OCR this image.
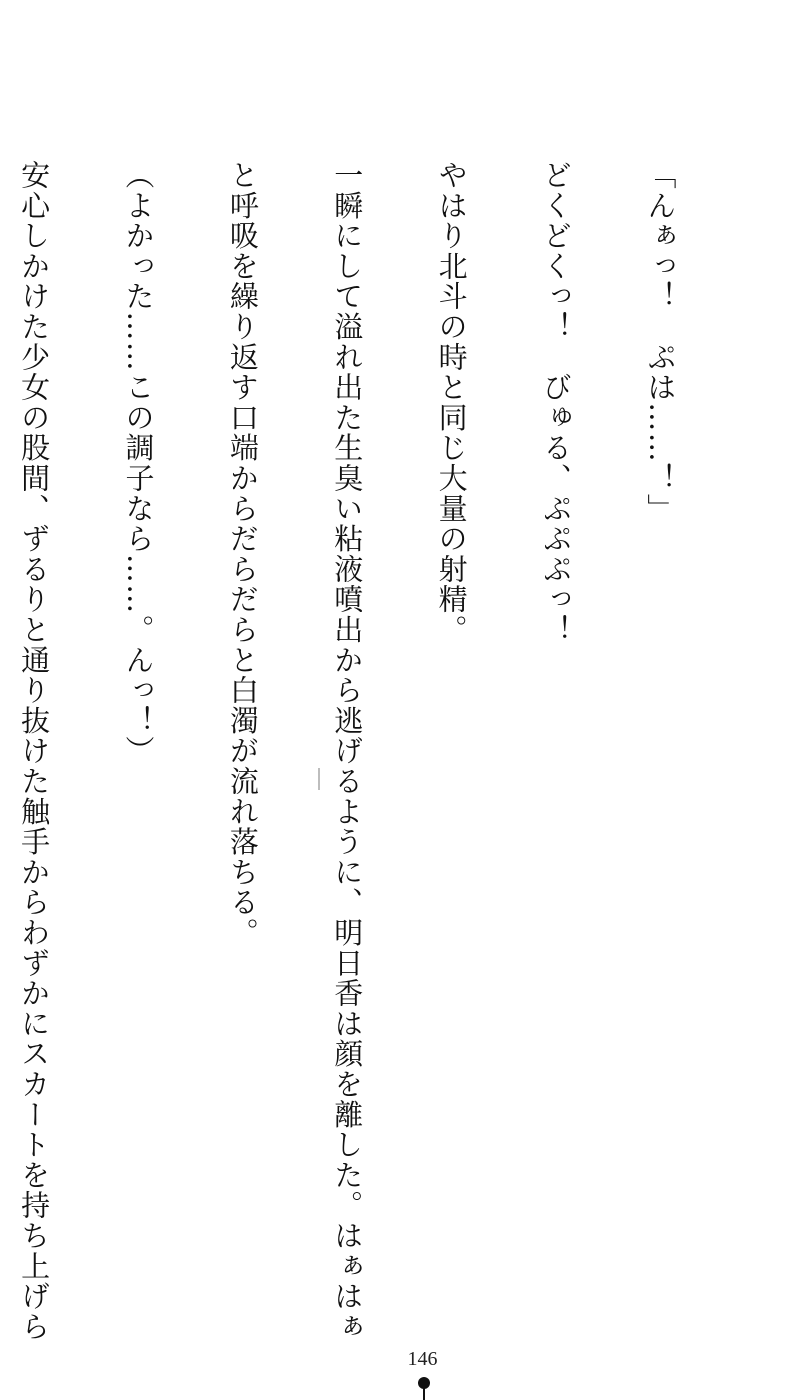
「んぁっ！　ぷは……！」

どくどくっ！　びゅる、ぷぷぷっ！

やはり北斗の時と同じ大量の射精。

一瞬にして溢れ出た生臭い粘液噴出から逃げるように、明日香は顔を離した。はぁはぁ

と呼吸を繰り返す口端からだらだらと白濁が流れ落ちる。

（よかった……この調子なら……。んっ！）

安心しかけた少女の股間、ずるりと通り抜けた触手からわずかにスカートを持ち上げら

146
